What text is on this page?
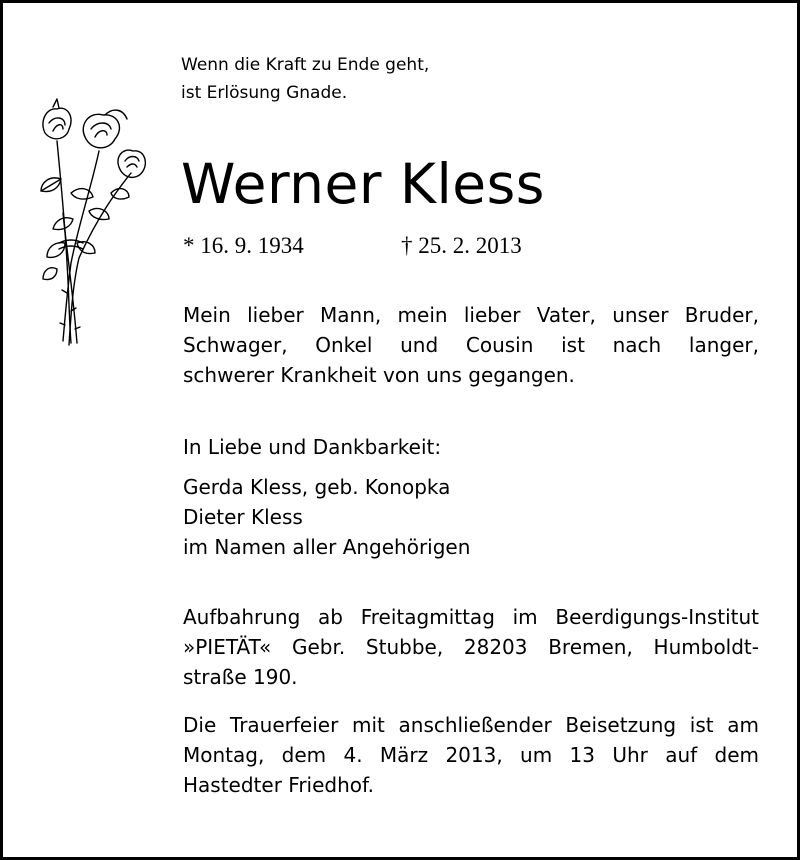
Wenn die Kraft zu Ende geht,
ist Erlösung Gnade.
Werner Kless
* 16. 9. 1934	† 25. 2. 2013
Mein lieber Mann, mein lieber Vater, unser Bruder,
Schwager, Onkel und Cousin ist nach langer,
schwerer Krankheit von uns gegangen.
In Liebe und Dankbarkeit:
Gerda Kless, geb. Konopka
Dieter Kless
im Namen aller Angehörigen
Aufbahrung ab Freitagmittag im Beerdigungs-Institut
»PIETÄT« Gebr. Stubbe, 28203 Bremen, Humboldt-
straße 190.
Die Trauerfeier mit anschließender Beisetzung ist am
Montag, dem 4. März 2013, um 13 Uhr auf dem
Hastedter Friedhof.
